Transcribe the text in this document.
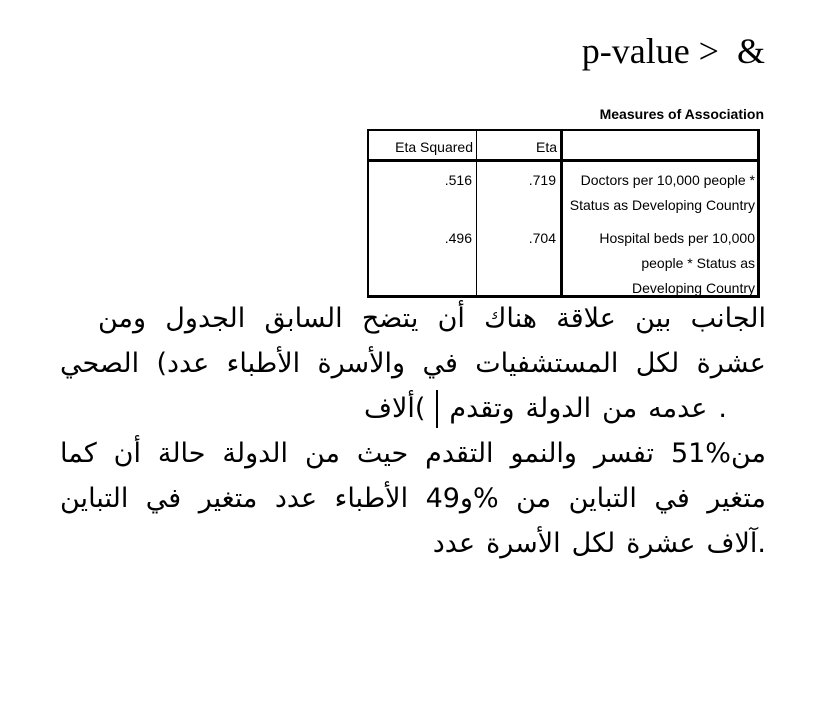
p-value >  &
Measures of Association
Eta Squared	Eta
.516	.719	Doctors per 10,000 people *
Status as Developing Country
.496	.704	Hospital beds per 10,000
people * Status as
Developing Country
ومن الجدول السابق يتضح أن هناك علاقة بين الجانب
الصحي (عدد الأطباء والأسرة في المستشفيات لكل عشرة
ألاف( وتقدم الدولة من عدمه .
كما أن حالة الدولة من حيث التقدم والنمو تفسر 51%من
التباين في متغير عدد الأطباء و49% من التباين في متغير
عدد الأسرة لكل عشرة آلاف.
